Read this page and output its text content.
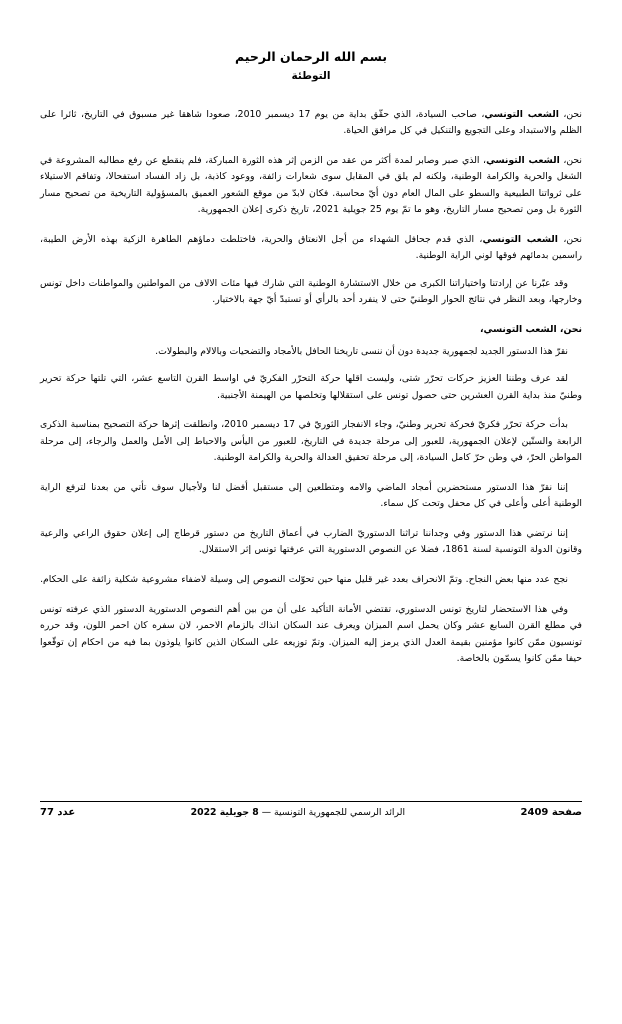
بسم الله الرحمان الرحيم
التوطئة

نحن، الشعب التونسي، صاحب السيادة، الذي حقّق بداية من يوم 17 ديسمبر 2010، صعودا شاهقا غير مسبوق في التاريخ، ثائرا على الظلم والاستبداد وعلى التجويع والتنكيل في كل مرافق الحياة.

نحن، الشعب التونسي، الذي صبر وصابر لمدة أكثر من عقد من الزمن إثر هذه الثورة المباركة، فلم ينقطع عن رفع مطالبه المشروعة في الشغل والحرية والكرامة الوطنية، ولكنه لم يلق في المقابل سوى شعارات زائفة، ووعود كاذبة، بل زاد الفساد استفحالا، وتفاقم الاستيلاء على ثرواتنا الطبيعية والسطو على المال العام دون أيّ محاسبة. فكان لابدّ من موقع الشعور العميق بالمسؤولية التاريخية من تصحيح مسار الثورة بل ومن تصحيح مسار التاريخ، وهو ما تمّ يوم 25 جويلية 2021، تاريخ ذكرى إعلان الجمهورية.

نحن، الشعب التونسي، الذي قدم جحافل الشهداء من أجل الانعتاق والحرية، فاختلطت دماؤهم الطاهرة الزكية بهذه الأرض الطيبة، راسمين بدمائهم فوقها لوني الراية الوطنية.

وقد عبّرنا عن إرادتنا واختياراتنا الكبرى من خلال الاستشارة الوطنية التي شارك فيها مئات الالاف من المواطنين والمواطنات داخل تونس وخارجها، وبعد النظر في نتائج الحوار الوطنيّ حتى لا ينفرد أحد بالرأي أو تستبدّ أيّ جهة بالاختيار.

نحن، الشعب التونسي،
نقرّ هذا الدستور الجديد لجمهورية جديدة دون أن ننسى تاريخنا الحافل بالأمجاد والتضحيات وبالالام والبطولات.

لقد عرف وطننا العزيز حركات تحرّر شتى، وليست اقلها حركة التحرّر الفكريّ في اواسط القرن التاسع عشر، التي تلتها حركة تحرير وطنيّ منذ بداية القرن العشرين حتى حصول تونس على استقلالها وتخلصها من الهيمنة الأجنبية.

بدأت حركة تحرّر فكريّ فحركة تحرير وطنيّ، وجاء الانفجار الثوريّ في 17 ديسمبر 2010، وانطلقت إثرها حركة التصحيح بمناسبة الذكرى الرابعة والستّين لإعلان الجمهورية، للعبور إلى مرحلة جديدة في التاريخ، للعبور من اليأس والاحباط إلى الأمل والعمل والرجاء، إلى مرحلة المواطن الحرّ، في وطن حرّ كامل السيادة، إلى مرحلة تحقيق العدالة والحرية والكرامة الوطنية.

إننا نقرّ هذا الدستور مستحضرين أمجاد الماضي والامه ومتطلعين إلى مستقبل أفضل لنا ولأجيال سوف تأتي من بعدنا لترفع الراية الوطنية أعلى وأعلى في كل محفل وتحت كل سماء.

إننا نرتضي هذا الدستور وفي وجداننا تراثنا الدستوريّ الضارب في أعماق التاريخ من دستور قرطاج إلى إعلان حقوق الراعي والرعية وقانون الدولة التونسية لسنة 1861، فضلا عن النصوص الدستورية التي عرفتها تونس إثر الاستقلال.

نجح عدد منها بعض النجاح. وتمّ الانحراف بعدد غير قليل منها حين تحوّلت النصوص إلى وسيلة لاضفاء مشروعية شكلية زائفة على الحكام.

وفي هذا الاستحضار لتاريخ تونس الدستوري، تقتضي الأمانة التأكيد على أن من بين أهم النصوص الدستورية الدستور الذي عرفته تونس في مطلع القرن السابع عشر وكان يحمل اسم الميزان ويعرف عند السكان انذاك بالزمام الاحمر، لان سفره كان احمر اللون، وقد حرره تونسيون ممّن كانوا مؤمنين بقيمة العدل الذي يرمز إليه الميزان. وتمّ توزيعه على السكان الذين كانوا يلوذون بما فيه من احكام إن توقّعوا حيفا ممّن كانوا يسمّون بالخاصة.

عدد 77	الرائد الرسمي للجمهورية التونسية — 8 جويلية 2022	صفحة 2409
